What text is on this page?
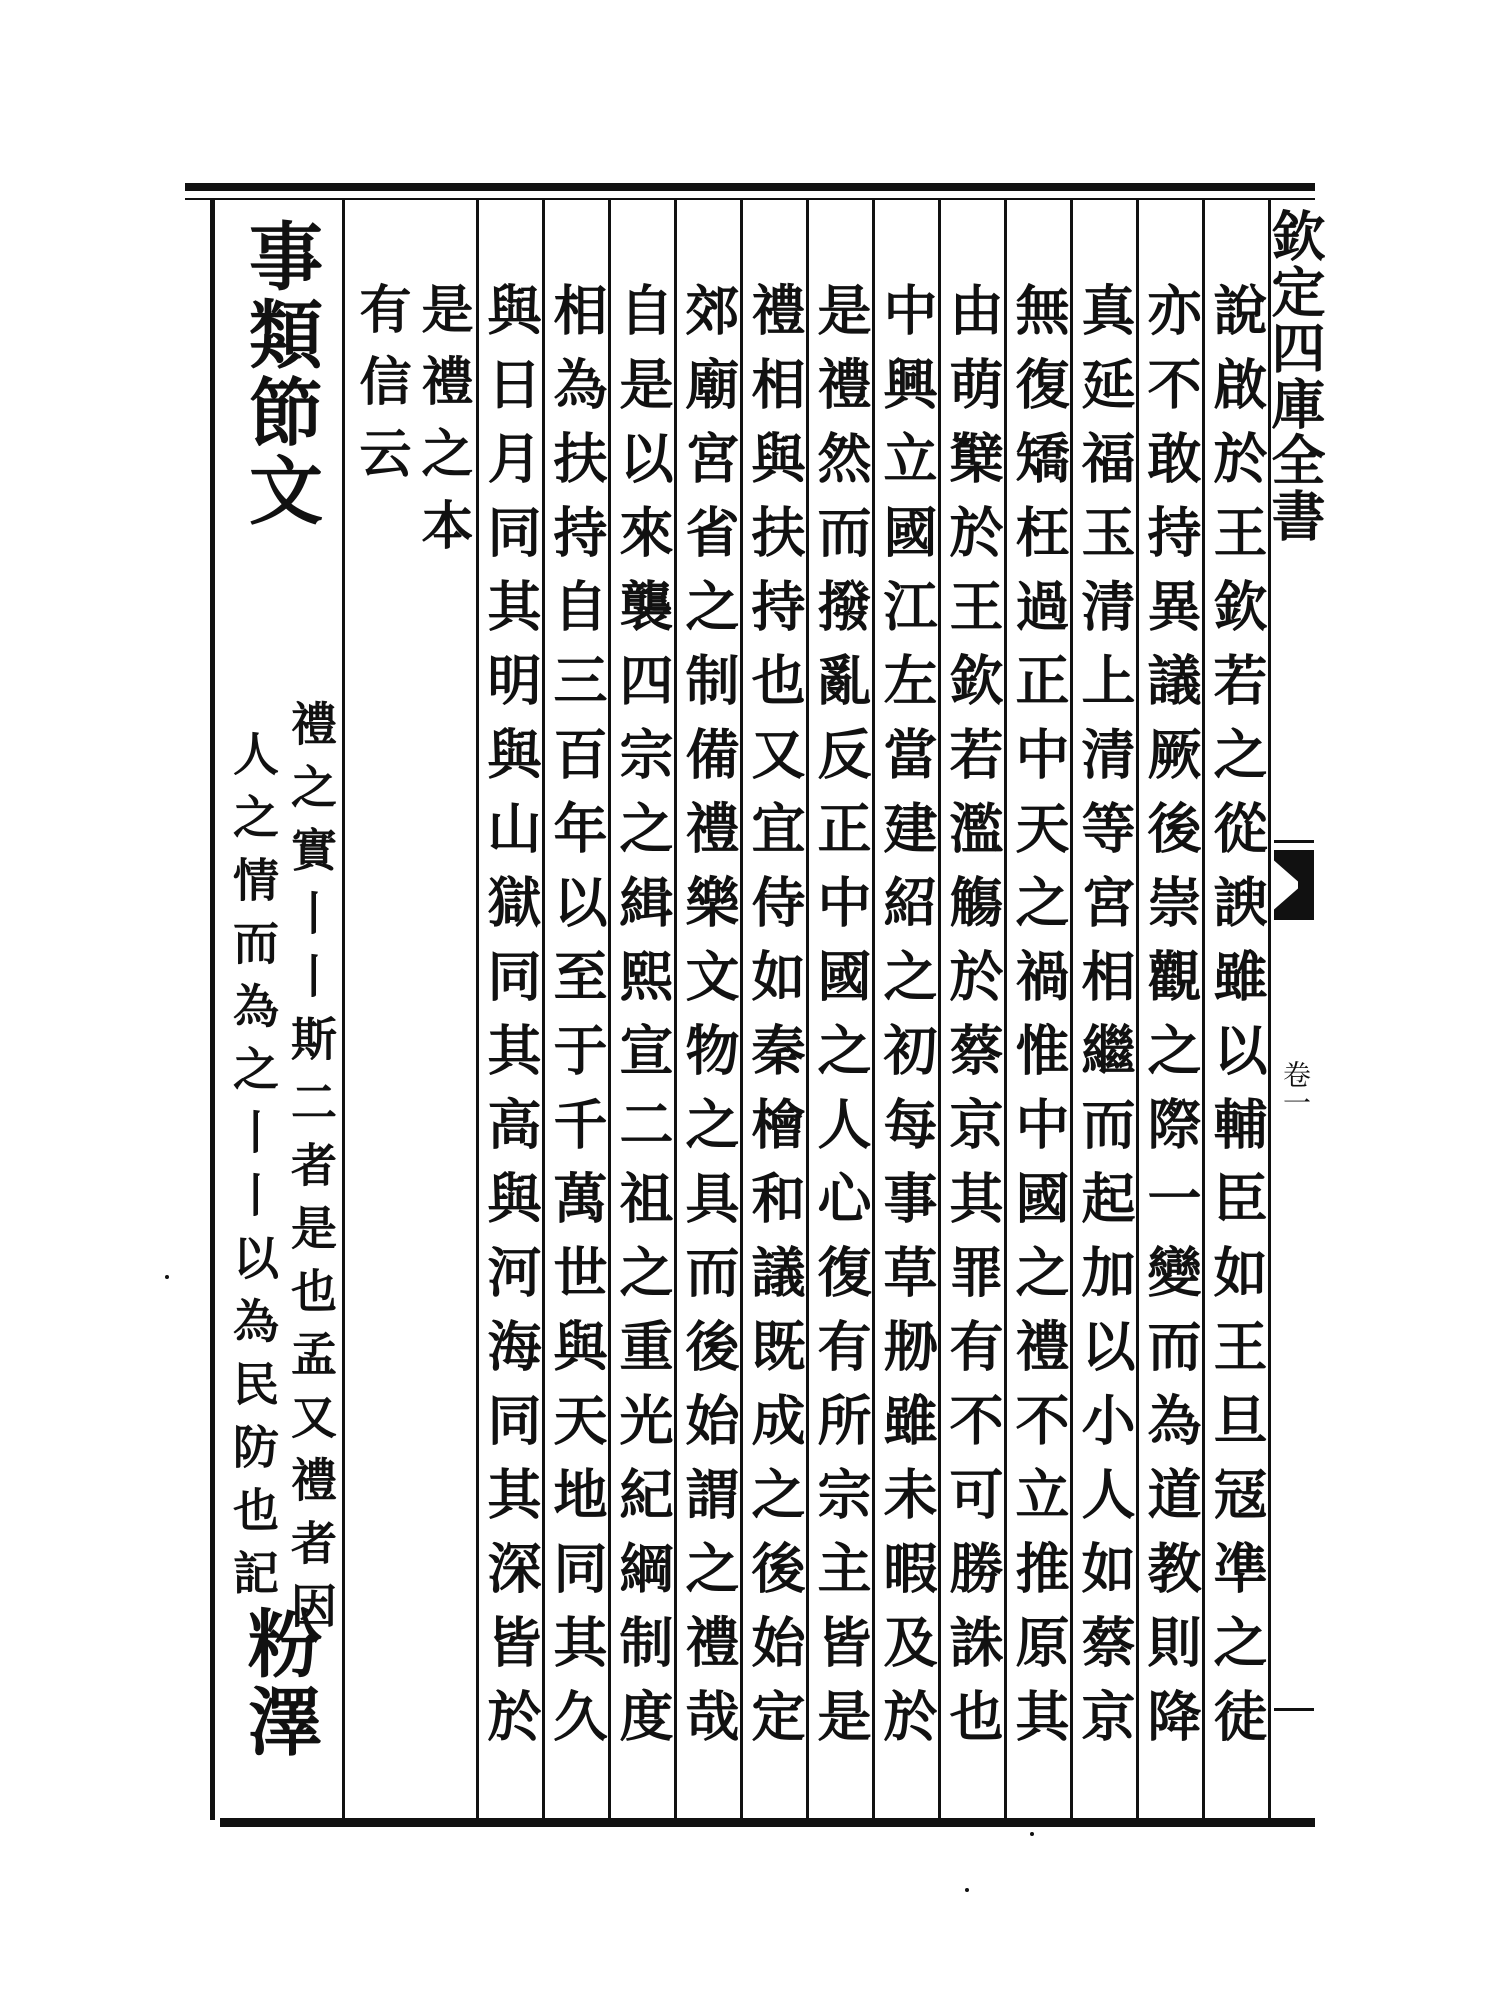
欽定四庫全書
卷一
說啟於王欽若之從諛雖以輔臣如王旦冦凖之徒
亦不敢持異議厥後崇觀之際一變而為道教則降
真延福玉清上清等宮相繼而起加以小人如蔡京
無復矯枉過正中天之禍惟中國之禮不立推原其
由萌櫱於王欽若濫觴於蔡京其罪有不可勝誅也
中興立國江左當建紹之初每事草刱雖未暇及於
是禮然而撥亂反正中國之人心復有所宗主皆是
禮相與扶持也又宜侍如秦檜和議既成之後始定
郊廟宮省之制備禮樂文物之具而後始謂之禮哉
自是以來襲四宗之緝熙宣二祖之重光紀綱制度
相為扶持自三百年以至于千萬世與天地同其久
與日月同其明與山獄同其高與河海同其深皆於
是禮之本
有信云
事類節文
禮之實丨丨斯二者是也孟又禮者因
人之情而為之丨丨以為民防也記
粉澤
